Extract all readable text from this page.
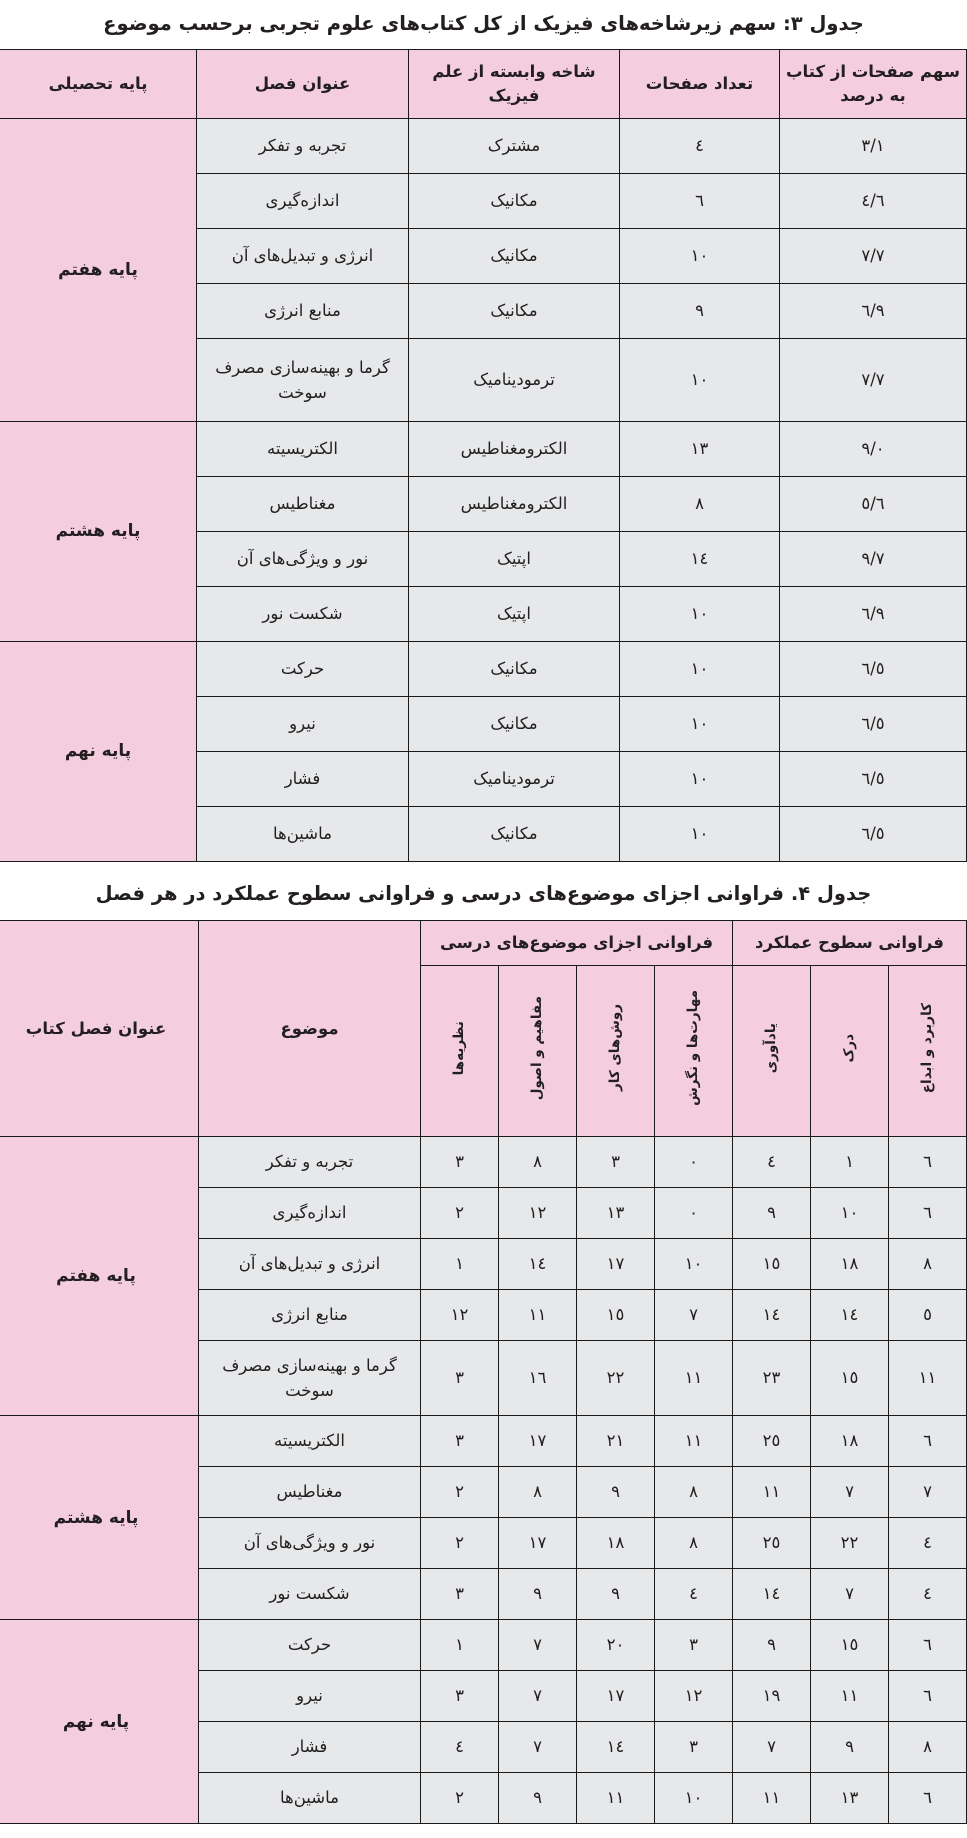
جدول ۳: سهم زیرشاخه‌های فیزیک از کل کتاب‌های علوم تجربی برحسب موضوع
سهم صفحات از کتاب به درصد	تعداد صفحات	شاخه وابسته از علم فیزیک	عنوان فصل	پایه تحصیلی
٣/١	٤	مشترک	تجربه و تفکر	پایه هفتم
٤/٦	٦	مکانیک	اندازه‌گیری	
٧/٧	١٠	مکانیک	انرژی و تبدیل‌های آن	
٦/٩	٩	مکانیک	منابع انرژی	
٧/٧	١٠	ترمودینامیک	گرما و بهینه‌سازی مصرف سوخت	
٩/٠	١٣	الکترومغناطیس	الکتریسیته	پایه هشتم
٥/٦	٨	الکترومغناطیس	مغناطیس	
٩/٧	١٤	اپتیک	نور و ویژگی‌های آن	
٦/٩	١٠	اپتیک	شکست نور	
٦/٥	١٠	مکانیک	حرکت	پایه نهم
٦/٥	١٠	مکانیک	نیرو	
٦/٥	١٠	ترمودینامیک	فشار	
٦/٥	١٠	مکانیک	ماشین‌ها	
جدول ۴. فراوانی اجزای موضوع‌های درسی و فراوانی سطوح عملکرد در هر فصل
فراوانی سطوح عملکرد			فراوانی اجزای موضوع‌های درسی				موضوع	عنوان فصل کتاب
کاربرد و ابداع	درک	یادآوری	مهارت‌ها و نگرش	روش‌های کار	مفاهیم و اصول	نظریه‌ها		
٦	١	٤	٠	٣	٨	٣	تجربه و تفکر	پایه هفتم
٦	١٠	٩	٠	١٣	١٢	٢	اندازه‌گیری	
٨	١٨	١٥	١٠	١٧	١٤	١	انرژی و تبدیل‌های آن	
٥	١٤	١٤	٧	١٥	١١	١٢	منابع انرژی	
١١	١٥	٢٣	١١	٢٢	١٦	٣	گرما و بهینه‌سازی مصرف سوخت	
٦	١٨	٢٥	١١	٢١	١٧	٣	الکتریسیته	پایه هشتم
٧	٧	١١	٨	٩	٨	٢	مغناطیس	
٤	٢٢	٢٥	٨	١٨	١٧	٢	نور و ویژگی‌های آن	
٤	٧	١٤	٤	٩	٩	٣	شکست نور	
٦	١٥	٩	٣	٢٠	٧	١	حرکت	پایه نهم
٦	١١	١٩	١٢	١٧	٧	٣	نیرو	
٨	٩	٧	٣	١٤	٧	٤	فشار	
٦	١٣	١١	١٠	١١	٩	٢	ماشین‌ها	
